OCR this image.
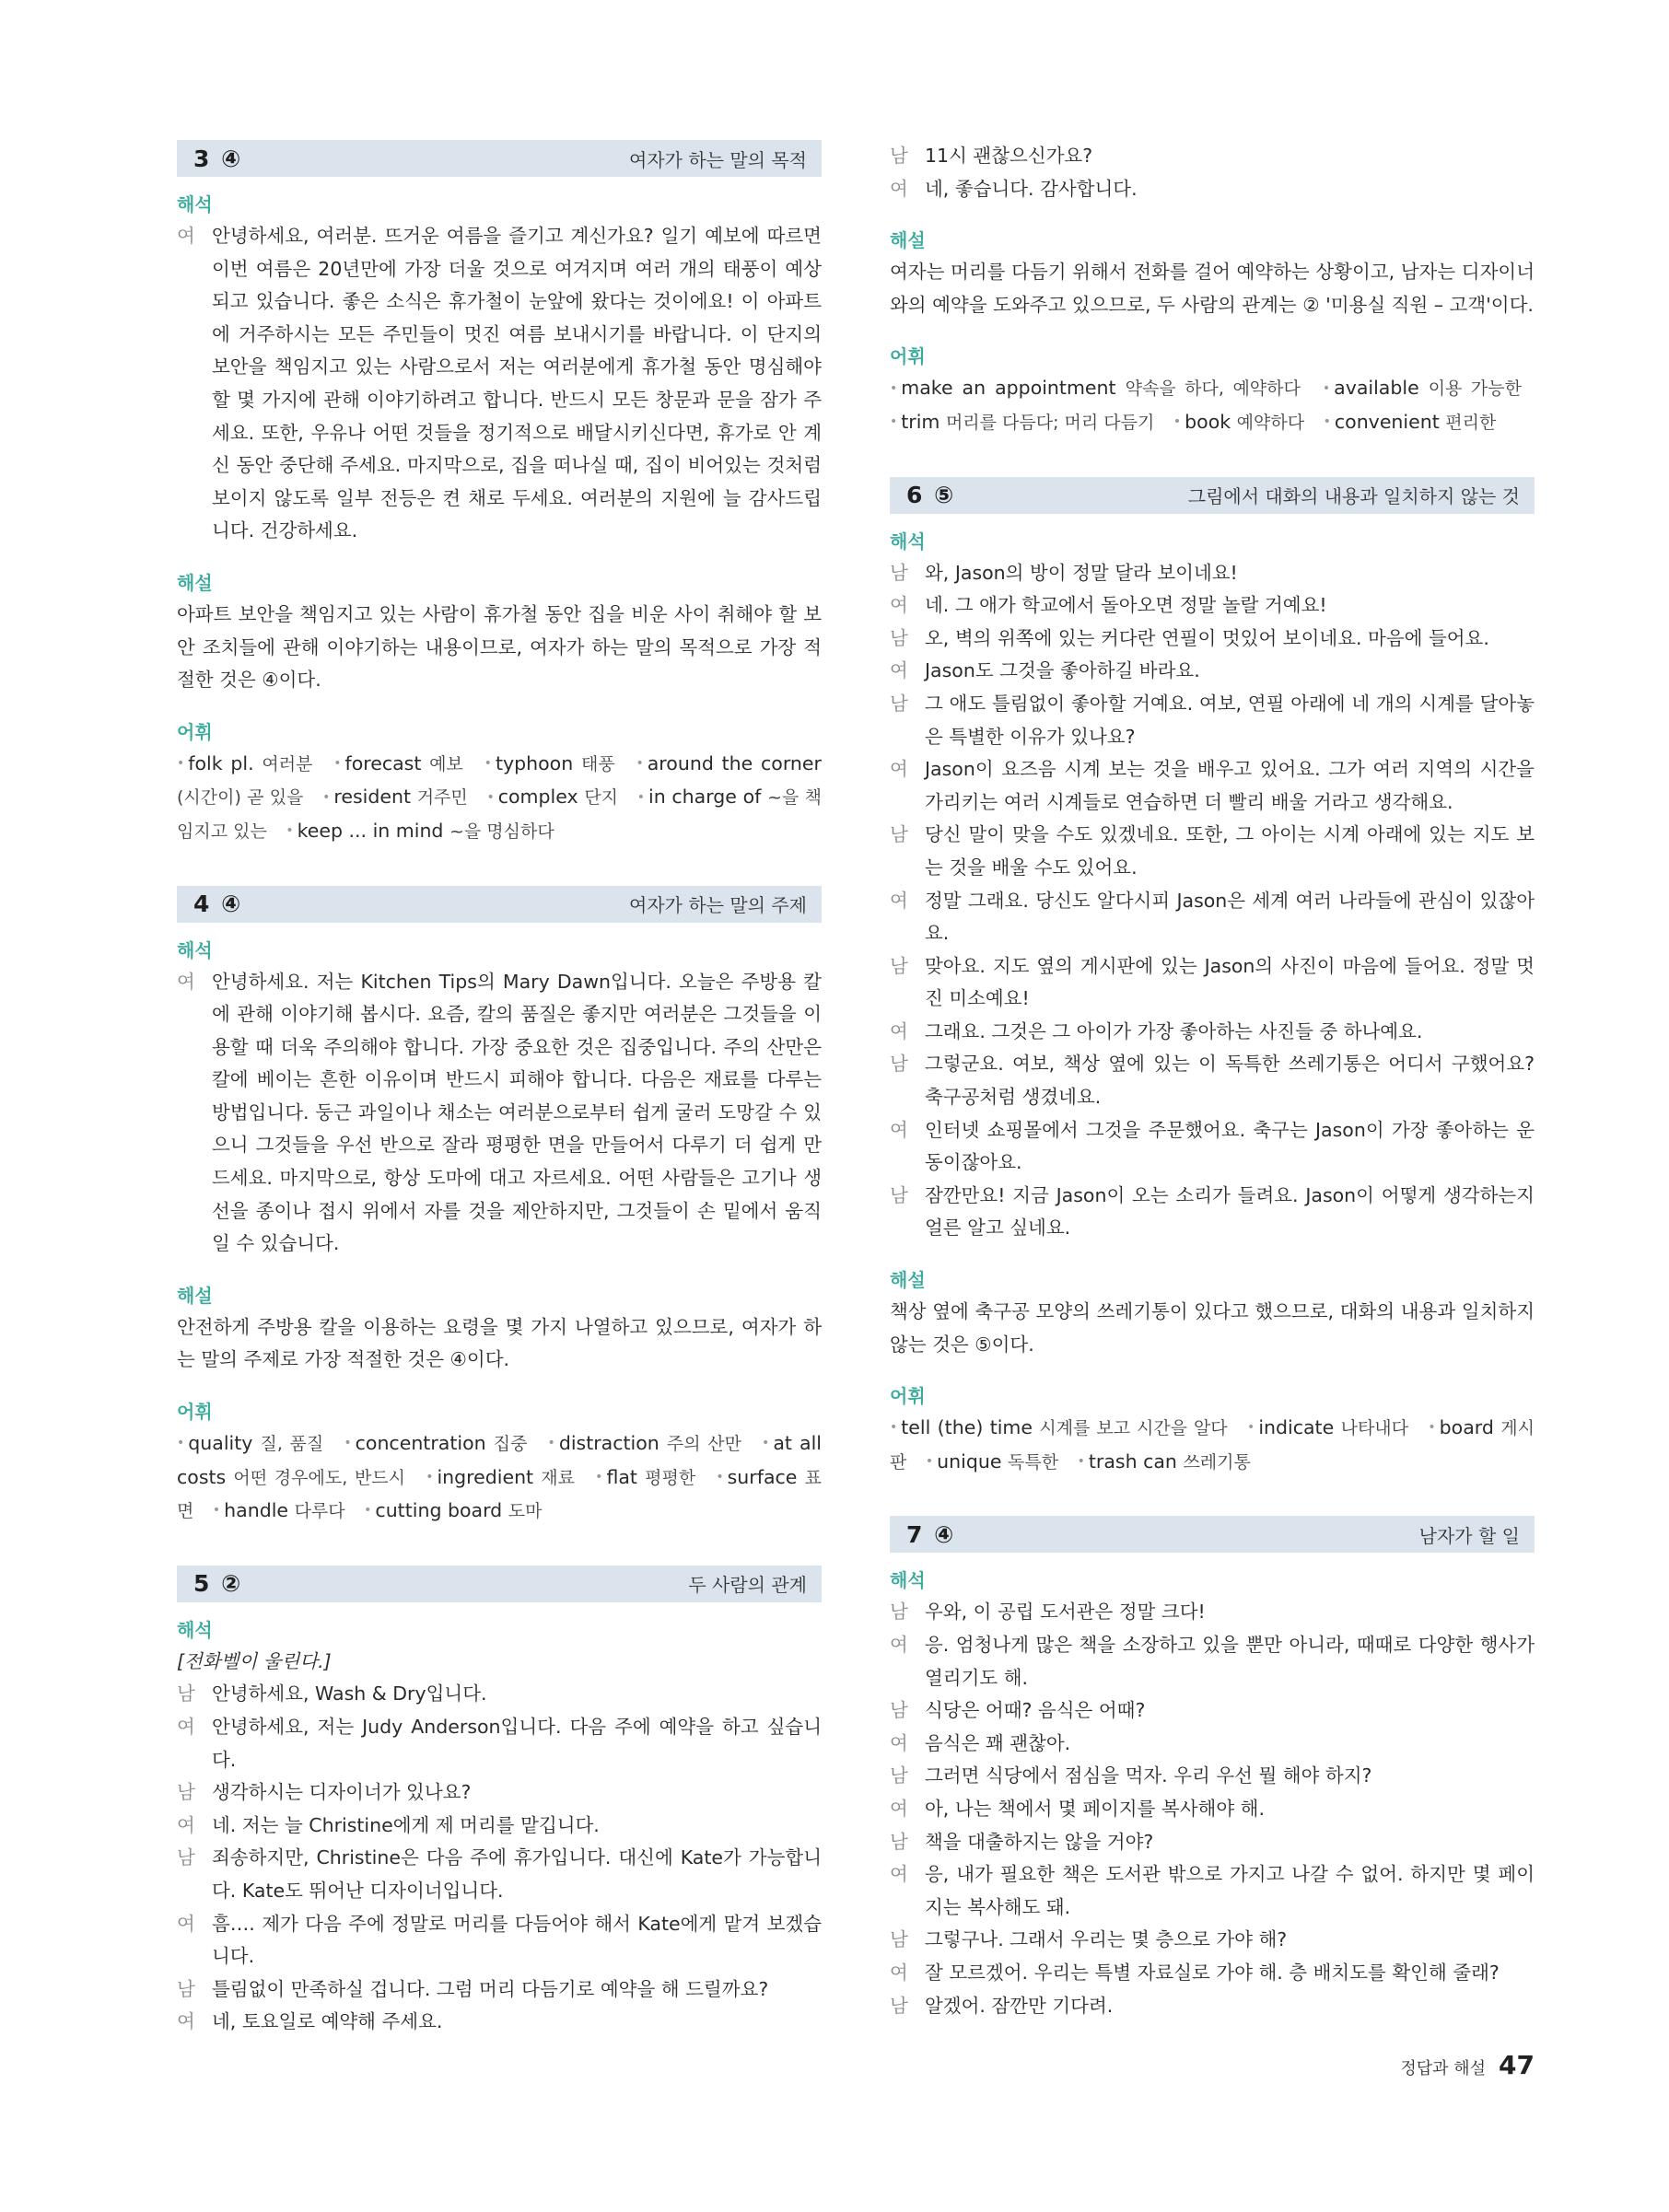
3 ④	여자가 하는 말의 목적
해석
여 안녕하세요, 여러분. 뜨거운 여름을 즐기고 계신가요? 일기 예보에 따르면 이번 여름은 20년만에 가장 더울 것으로 여겨지며 여러 개의 태풍이 예상되고 있습니다. 좋은 소식은 휴가철이 눈앞에 왔다는 것이에요! 이 아파트에 거주하시는 모든 주민들이 멋진 여름 보내시기를 바랍니다. 이 단지의 보안을 책임지고 있는 사람으로서 저는 여러분에게 휴가철 동안 명심해야 할 몇 가지에 관해 이야기하려고 합니다. 반드시 모든 창문과 문을 잠가 주세요. 또한, 우유나 어떤 것들을 정기적으로 배달시키신다면, 휴가로 안 계신 동안 중단해 주세요. 마지막으로, 집을 떠나실 때, 집이 비어있는 것처럼 보이지 않도록 일부 전등은 켠 채로 두세요. 여러분의 지원에 늘 감사드립니다. 건강하세요.
해설
아파트 보안을 책임지고 있는 사람이 휴가철 동안 집을 비운 사이 취해야 할 보안 조치들에 관해 이야기하는 내용이므로, 여자가 하는 말의 목적으로 가장 적절한 것은 ④이다.
어휘
• folk pl. 여러분 • forecast 예보 • typhoon 태풍 • around the corner (시간이) 곧 있을 • resident 거주민 • complex 단지 • in charge of ~을 책임지고 있는 • keep ... in mind ~을 명심하다
4 ④	여자가 하는 말의 주제
해석
여 안녕하세요. 저는 Kitchen Tips의 Mary Dawn입니다. 오늘은 주방용 칼에 관해 이야기해 봅시다. 요즘, 칼의 품질은 좋지만 여러분은 그것들을 이용할 때 더욱 주의해야 합니다. 가장 중요한 것은 집중입니다. 주의 산만은 칼에 베이는 흔한 이유이며 반드시 피해야 합니다. 다음은 재료를 다루는 방법입니다. 둥근 과일이나 채소는 여러분으로부터 쉽게 굴러 도망갈 수 있으니 그것들을 우선 반으로 잘라 평평한 면을 만들어서 다루기 더 쉽게 만드세요. 마지막으로, 항상 도마에 대고 자르세요. 어떤 사람들은 고기나 생선을 종이나 접시 위에서 자를 것을 제안하지만, 그것들이 손 밑에서 움직일 수 있습니다.
해설
안전하게 주방용 칼을 이용하는 요령을 몇 가지 나열하고 있으므로, 여자가 하는 말의 주제로 가장 적절한 것은 ④이다.
어휘
• quality 질, 품질 • concentration 집중 • distraction 주의 산만 • at all costs 어떤 경우에도, 반드시 • ingredient 재료 • flat 평평한 • surface 표면 • handle 다루다 • cutting board 도마
5 ②	두 사람의 관계
해석
[전화벨이 울린다.]
남 안녕하세요, Wash & Dry입니다.
여 안녕하세요, 저는 Judy Anderson입니다. 다음 주에 예약을 하고 싶습니다.
남 생각하시는 디자이너가 있나요?
여 네. 저는 늘 Christine에게 제 머리를 맡깁니다.
남 죄송하지만, Christine은 다음 주에 휴가입니다. 대신에 Kate가 가능합니다. Kate도 뛰어난 디자이너입니다.
여 흠…. 제가 다음 주에 정말로 머리를 다듬어야 해서 Kate에게 맡겨 보겠습니다.
남 틀림없이 만족하실 겁니다. 그럼 머리 다듬기로 예약을 해 드릴까요?
여 네, 토요일로 예약해 주세요.
남 11시 괜찮으신가요?
여 네, 좋습니다. 감사합니다.
해설
여자는 머리를 다듬기 위해서 전화를 걸어 예약하는 상황이고, 남자는 디자이너와의 예약을 도와주고 있으므로, 두 사람의 관계는 ② '미용실 직원 – 고객'이다.
어휘
• make an appointment 약속을 하다, 예약하다 • available 이용 가능한 • trim 머리를 다듬다; 머리 다듬기 • book 예약하다 • convenient 편리한
6 ⑤	그림에서 대화의 내용과 일치하지 않는 것
해석
남 와, Jason의 방이 정말 달라 보이네요!
여 네. 그 애가 학교에서 돌아오면 정말 놀랄 거예요!
남 오, 벽의 위쪽에 있는 커다란 연필이 멋있어 보이네요. 마음에 들어요.
여 Jason도 그것을 좋아하길 바라요.
남 그 애도 틀림없이 좋아할 거예요. 여보, 연필 아래에 네 개의 시계를 달아놓은 특별한 이유가 있나요?
여 Jason이 요즈음 시계 보는 것을 배우고 있어요. 그가 여러 지역의 시간을 가리키는 여러 시계들로 연습하면 더 빨리 배울 거라고 생각해요.
남 당신 말이 맞을 수도 있겠네요. 또한, 그 아이는 시계 아래에 있는 지도 보는 것을 배울 수도 있어요.
여 정말 그래요. 당신도 알다시피 Jason은 세계 여러 나라들에 관심이 있잖아요.
남 맞아요. 지도 옆의 게시판에 있는 Jason의 사진이 마음에 들어요. 정말 멋진 미소예요!
여 그래요. 그것은 그 아이가 가장 좋아하는 사진들 중 하나예요.
남 그렇군요. 여보, 책상 옆에 있는 이 독특한 쓰레기통은 어디서 구했어요? 축구공처럼 생겼네요.
여 인터넷 쇼핑몰에서 그것을 주문했어요. 축구는 Jason이 가장 좋아하는 운동이잖아요.
남 잠깐만요! 지금 Jason이 오는 소리가 들려요. Jason이 어떻게 생각하는지 얼른 알고 싶네요.
해설
책상 옆에 축구공 모양의 쓰레기통이 있다고 했으므로, 대화의 내용과 일치하지 않는 것은 ⑤이다.
어휘
• tell (the) time 시계를 보고 시간을 알다 • indicate 나타내다 • board 게시판 • unique 독특한 • trash can 쓰레기통
7 ④	남자가 할 일
해석
남 우와, 이 공립 도서관은 정말 크다!
여 응. 엄청나게 많은 책을 소장하고 있을 뿐만 아니라, 때때로 다양한 행사가 열리기도 해.
남 식당은 어때? 음식은 어때?
여 음식은 꽤 괜찮아.
남 그러면 식당에서 점심을 먹자. 우리 우선 뭘 해야 하지?
여 아, 나는 책에서 몇 페이지를 복사해야 해.
남 책을 대출하지는 않을 거야?
여 응, 내가 필요한 책은 도서관 밖으로 가지고 나갈 수 없어. 하지만 몇 페이지는 복사해도 돼.
남 그렇구나. 그래서 우리는 몇 층으로 가야 해?
여 잘 모르겠어. 우리는 특별 자료실로 가야 해. 층 배치도를 확인해 줄래?
남 알겠어. 잠깐만 기다려.
정답과 해설 47
